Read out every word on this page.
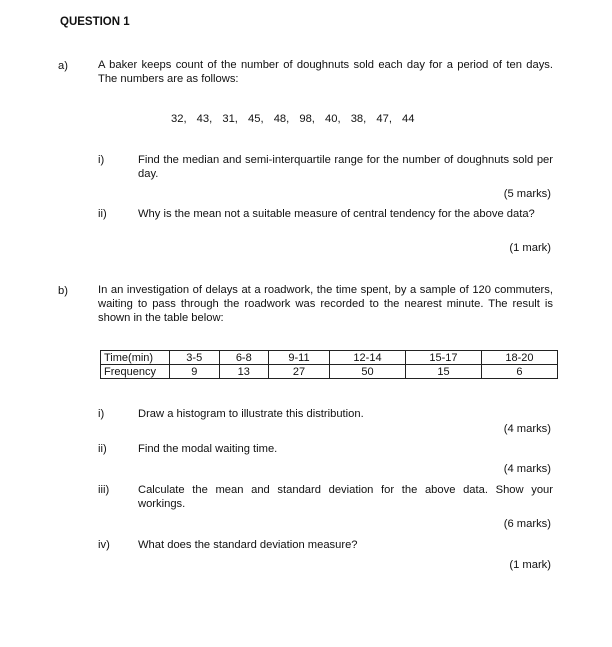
QUESTION 1
a)	A baker keeps count of the number of doughnuts sold each day for a period of ten days. The numbers are as follows:
32, 43, 31, 45, 48, 98, 40, 38, 47, 44
i)	Find the median and semi-interquartile range for the number of doughnuts sold per day.
(5 marks)
ii)	Why is the mean not a suitable measure of central tendency for the above data?
(1 mark)
b)	In an investigation of delays at a roadwork, the time spent, by a sample of 120 commuters, waiting to pass through the roadwork was recorded to the nearest minute. The result is shown in the table below:
Time(min)	3-5	6-8	9-11	12-14	15-17	18-20
Frequency	9	13	27	50	15	6
i)	Draw a histogram to illustrate this distribution.
(4 marks)
ii)	Find the modal waiting time.
(4 marks)
iii)	Calculate the mean and standard deviation for the above data. Show your workings.
(6 marks)
iv)	What does the standard deviation measure?
(1 mark)
